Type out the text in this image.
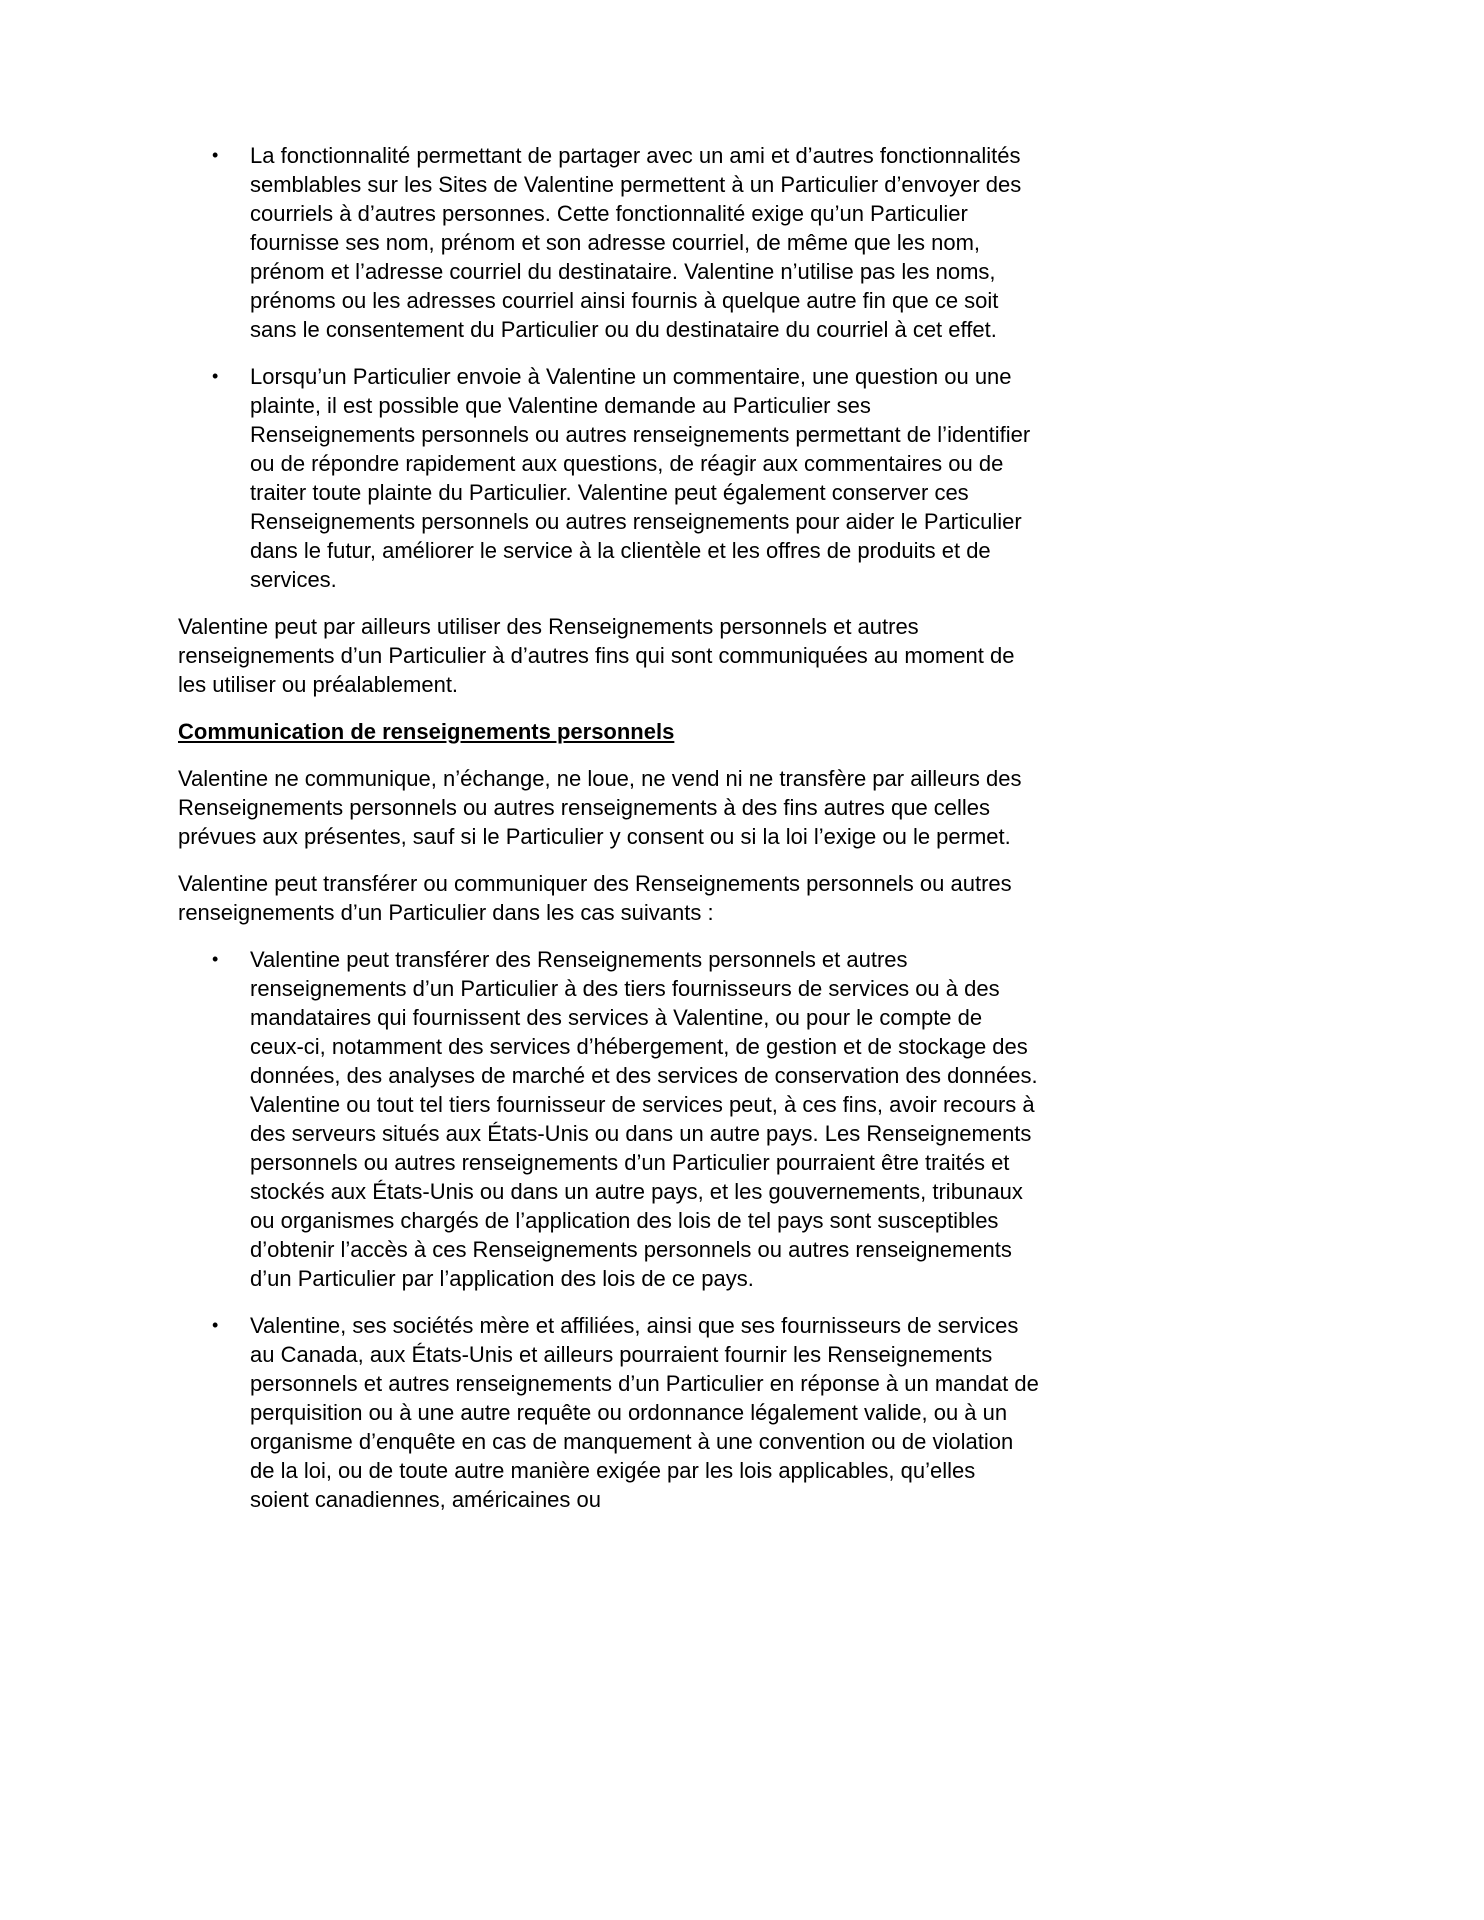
• La fonctionnalité permettant de partager avec un ami et d’autres fonctionnalités semblables sur les Sites de Valentine permettent à un Particulier d’envoyer des courriels à d’autres personnes. Cette fonctionnalité exige qu’un Particulier fournisse ses nom, prénom et son adresse courriel, de même que les nom, prénom et l’adresse courriel du destinataire. Valentine n’utilise pas les noms, prénoms ou les adresses courriel ainsi fournis à quelque autre fin que ce soit sans le consentement du Particulier ou du destinataire du courriel à cet effet.
• Lorsqu’un Particulier envoie à Valentine un commentaire, une question ou une plainte, il est possible que Valentine demande au Particulier ses Renseignements personnels ou autres renseignements permettant de l’identifier ou de répondre rapidement aux questions, de réagir aux commentaires ou de traiter toute plainte du Particulier. Valentine peut également conserver ces Renseignements personnels ou autres renseignements pour aider le Particulier dans le futur, améliorer le service à la clientèle et les offres de produits et de services.

Valentine peut par ailleurs utiliser des Renseignements personnels et autres renseignements d’un Particulier à d’autres fins qui sont communiquées au moment de les utiliser ou préalablement.

Communication de renseignements personnels

Valentine ne communique, n’échange, ne loue, ne vend ni ne transfère par ailleurs des Renseignements personnels ou autres renseignements à des fins autres que celles prévues aux présentes, sauf si le Particulier y consent ou si la loi l’exige ou le permet.

Valentine peut transférer ou communiquer des Renseignements personnels ou autres renseignements d’un Particulier dans les cas suivants :

• Valentine peut transférer des Renseignements personnels et autres renseignements d’un Particulier à des tiers fournisseurs de services ou à des mandataires qui fournissent des services à Valentine, ou pour le compte de ceux-ci, notamment des services d’hébergement, de gestion et de stockage des données, des analyses de marché et des services de conservation des données. Valentine ou tout tel tiers fournisseur de services peut, à ces fins, avoir recours à des serveurs situés aux États-Unis ou dans un autre pays. Les Renseignements personnels ou autres renseignements d’un Particulier pourraient être traités et stockés aux États-Unis ou dans un autre pays, et les gouvernements, tribunaux ou organismes chargés de l’application des lois de tel pays sont susceptibles d’obtenir l’accès à ces Renseignements personnels ou autres renseignements d’un Particulier par l’application des lois de ce pays.
• Valentine, ses sociétés mère et affiliées, ainsi que ses fournisseurs de services au Canada, aux États-Unis et ailleurs pourraient fournir les Renseignements personnels et autres renseignements d’un Particulier en réponse à un mandat de perquisition ou à une autre requête ou ordonnance légalement valide, ou à un organisme d’enquête en cas de manquement à une convention ou de violation de la loi, ou de toute autre manière exigée par les lois applicables, qu’elles soient canadiennes, américaines ou
